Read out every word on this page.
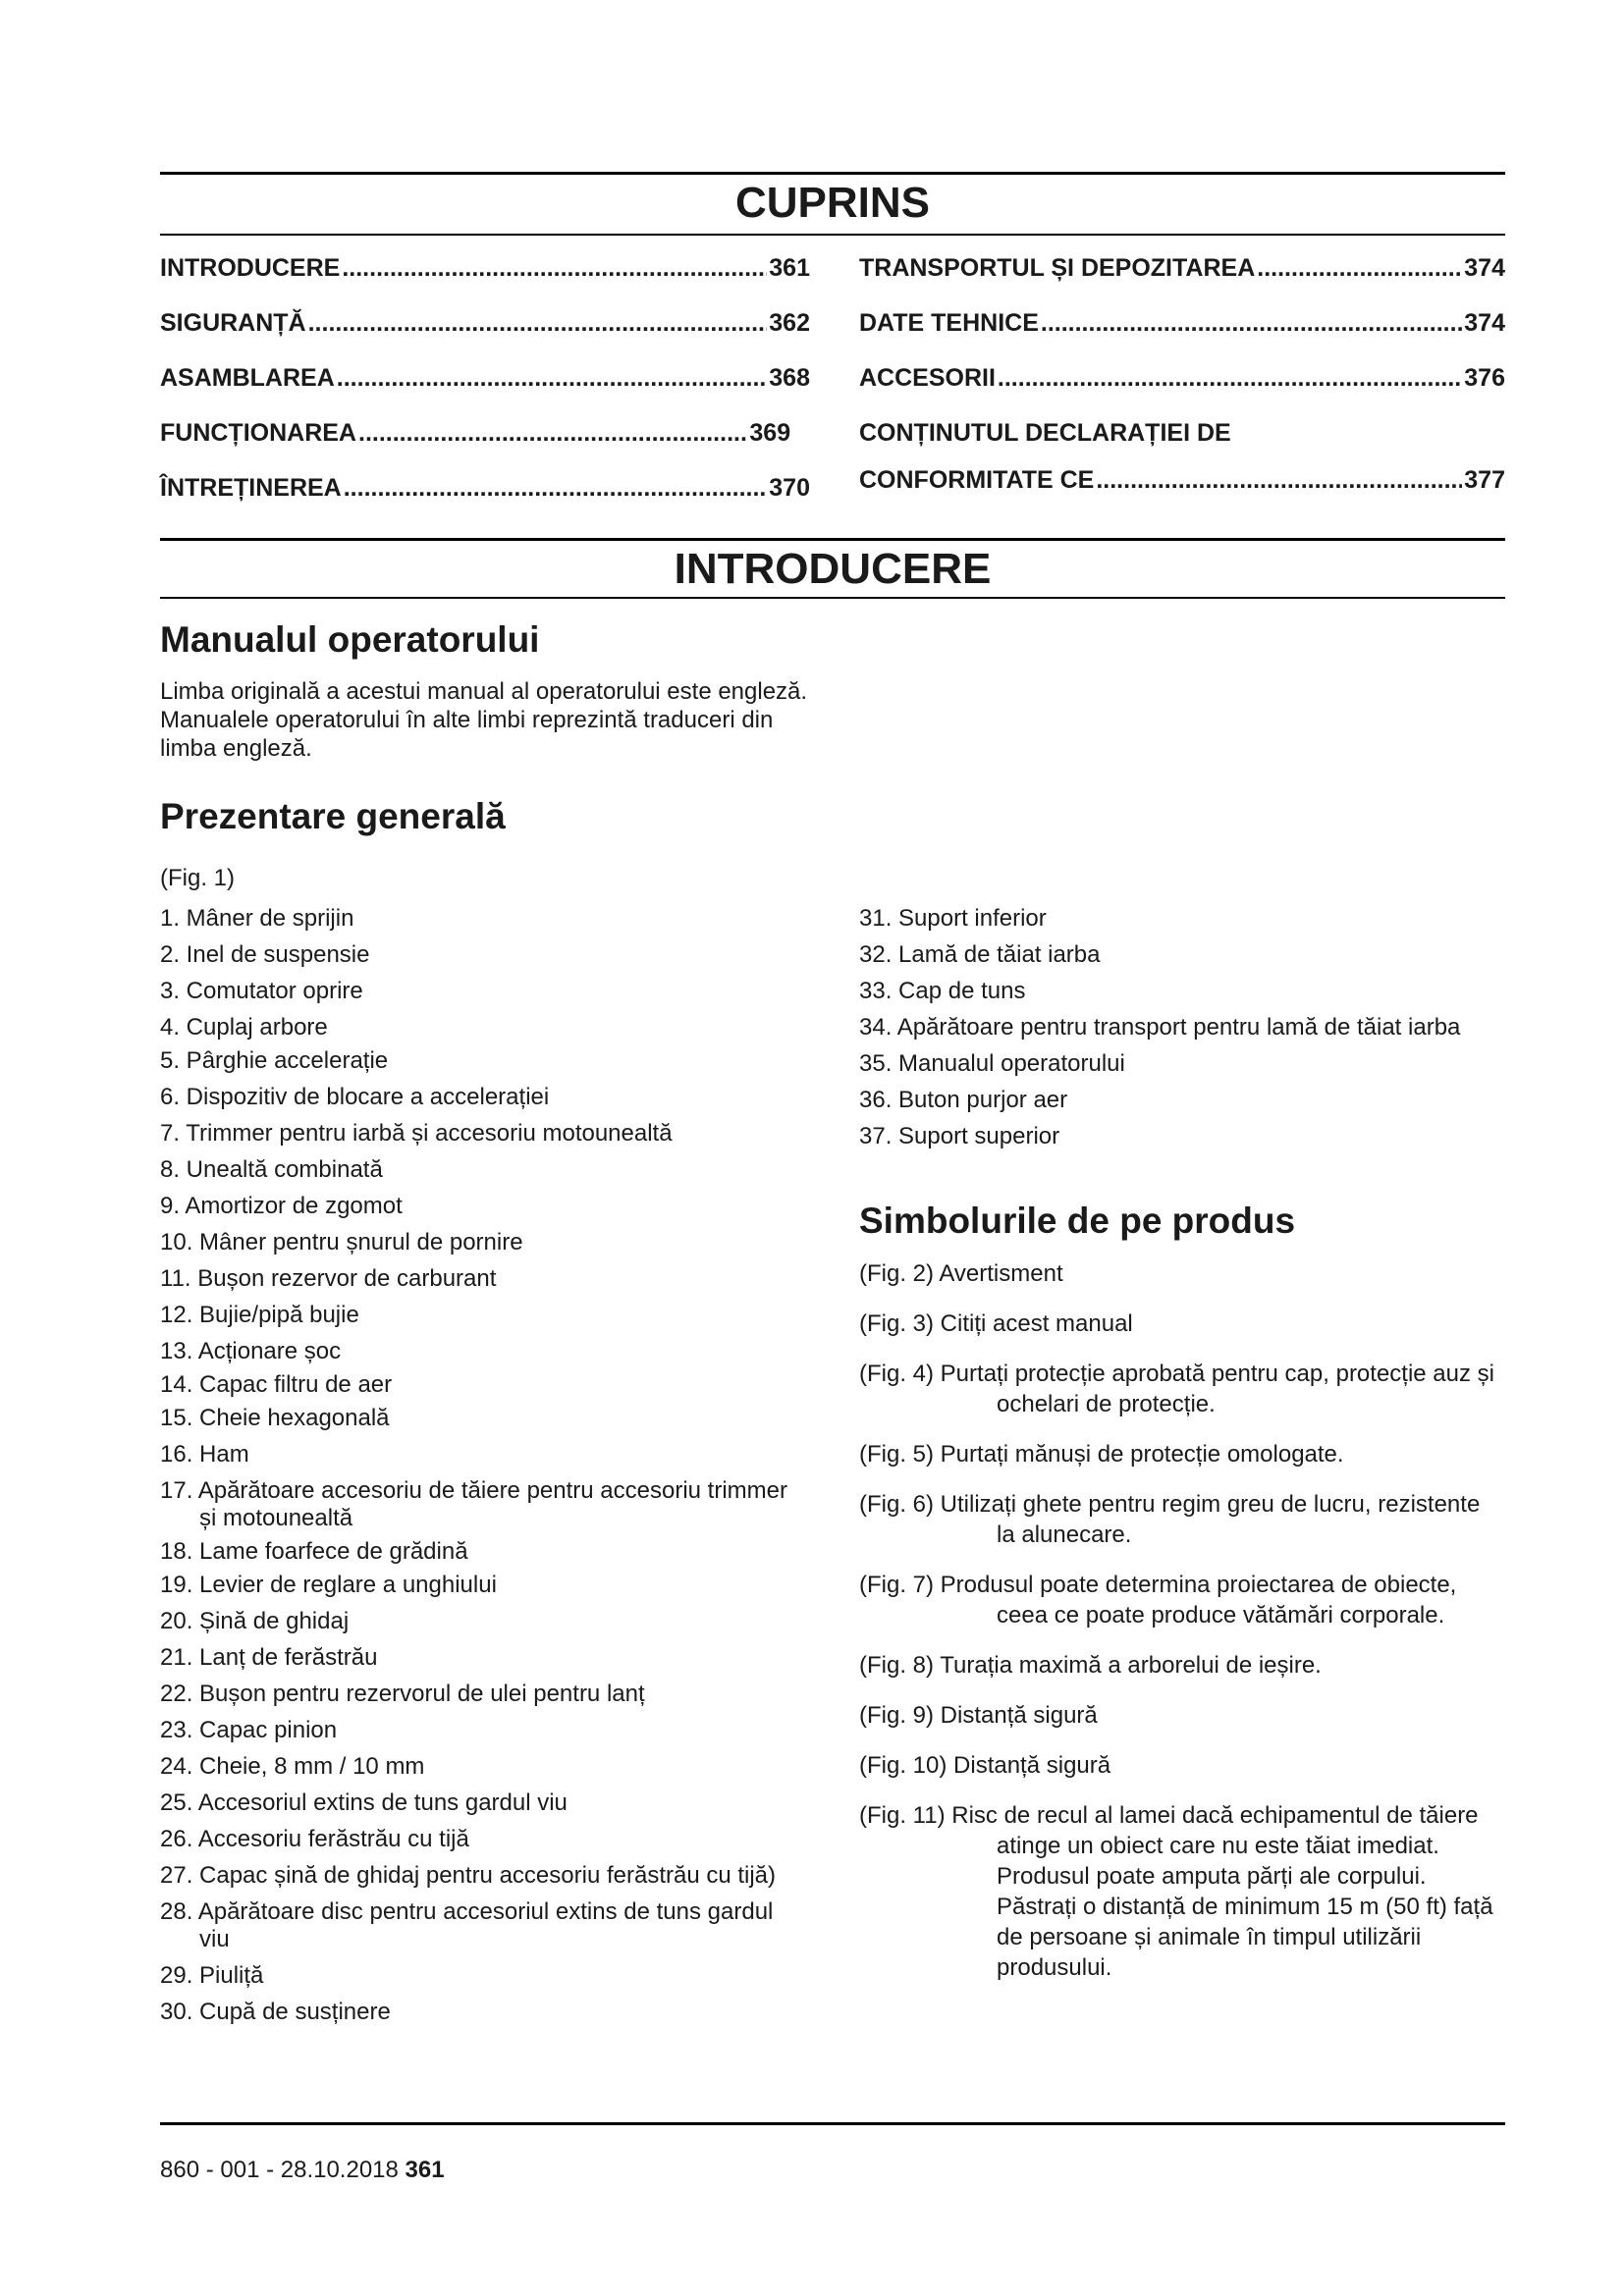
CUPRINS
INTRODUCERE .....	361
SIGURANȚĂ .....	362
ASAMBLAREA .....	368
FUNCȚIONAREA .....	369
ÎNTREȚINEREA .....	370
TRANSPORTUL ȘI DEPOZITAREA .....	374
DATE TEHNICE .....	374
ACCESORII .....	376
CONȚINUTUL DECLARAȚIEI DE
CONFORMITATE CE .....	377
INTRODUCERE
Manualul operatorului

Limba originală a acestui manual al operatorului este engleză. Manualele operatorului în alte limbi reprezintă traduceri din limba engleză.

Prezentare generală

(Fig. 1)

1. Mâner de sprijin
2. Inel de suspensie
3. Comutator oprire
4. Cuplaj arbore
5. Pârghie accelerație
6. Dispozitiv de blocare a accelerației
7. Trimmer pentru iarbă și accesoriu motounealtă
8. Unealtă combinată
9. Amortizor de zgomot
10. Mâner pentru șnurul de pornire
11. Bușon rezervor de carburant
12. Bujie/pipă bujie
13. Acționare șoc
14. Capac filtru de aer
15. Cheie hexagonală
16. Ham
17. Apărătoare accesoriu de tăiere pentru accesoriu trimmer și motounealtă
18. Lame foarfece de grădină
19. Levier de reglare a unghiului
20. Șină de ghidaj
21. Lanț de ferăstrău
22. Bușon pentru rezervorul de ulei pentru lanț
23. Capac pinion
24. Cheie, 8 mm / 10 mm
25. Accesoriul extins de tuns gardul viu
26. Accesoriu ferăstrău cu tijă
27. Capac șină de ghidaj pentru accesoriu ferăstrău cu tijă)
28. Apărătoare disc pentru accesoriul extins de tuns gardul viu
29. Piuliță
30. Cupă de susținere
31. Suport inferior
32. Lamă de tăiat iarba
33. Cap de tuns
34. Apărătoare pentru transport pentru lamă de tăiat iarba
35. Manualul operatorului
36. Buton purjor aer
37. Suport superior
Simbolurile de pe produs
(Fig. 2) Avertisment
(Fig. 3) Citiți acest manual
(Fig. 4) Purtați protecție aprobată pentru cap, protecție auz și ochelari de protecție.
(Fig. 5) Purtați mănuși de protecție omologate.
(Fig. 6) Utilizați ghete pentru regim greu de lucru, rezistente la alunecare.
(Fig. 7) Produsul poate determina proiectarea de obiecte, ceea ce poate produce vătămări corporale.
(Fig. 8) Turația maximă a arborelui de ieșire.
(Fig. 9) Distanță sigură
(Fig. 10) Distanță sigură
(Fig. 11) Risc de recul al lamei dacă echipamentul de tăiere atinge un obiect care nu este tăiat imediat. Produsul poate amputa părți ale corpului. Păstrați o distanță de minimum 15 m (50 ft) față de persoane și animale în timpul utilizării produsului.
860 - 001 - 28.10.2018 361
